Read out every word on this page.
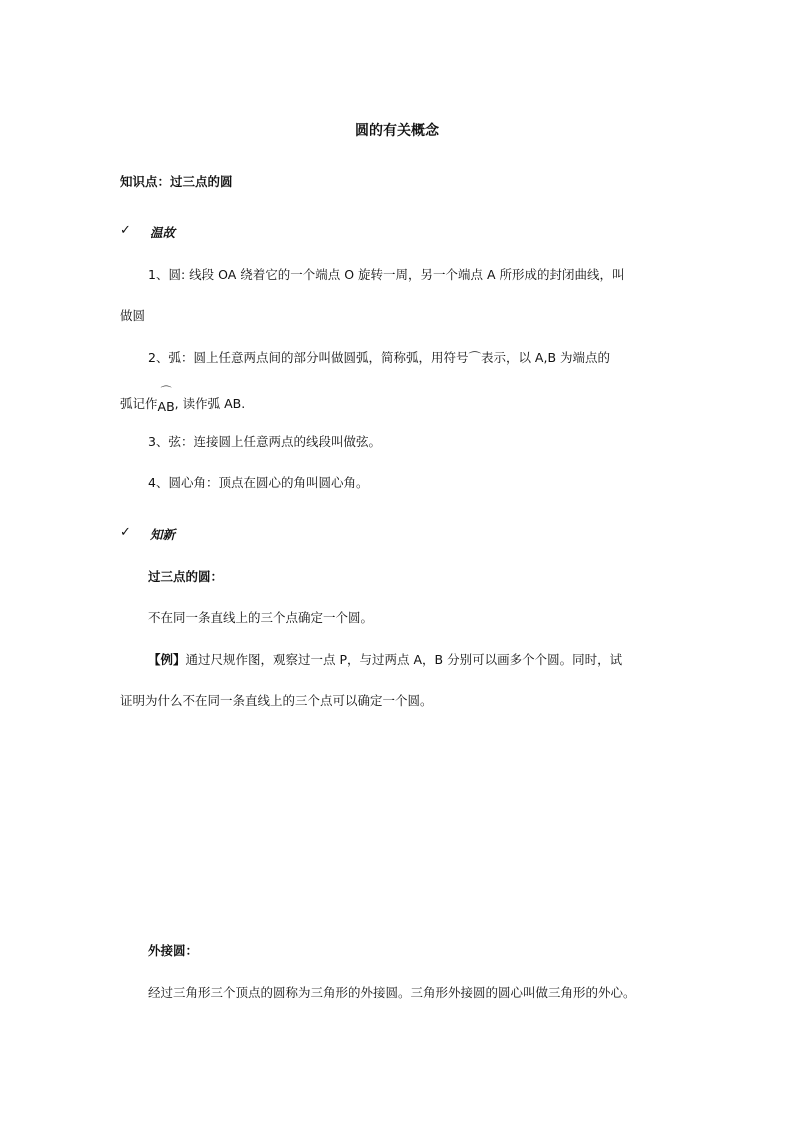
圆的有关概念
知识点：过三点的圆
✓ 温故
1、圆: 线段 OA 绕着它的一个端点 O 旋转一周，另一个端点 A 所形成的封闭曲线，叫
做圆
2、弧：圆上任意两点间的部分叫做圆弧，简称弧，用符号⌒表示，以 A,B 为端点的
弧记作
⌒
AB, 读作弧 AB.
3、弦：连接圆上任意两点的线段叫做弦。
4、圆心角：顶点在圆心的角叫圆心角。
✓ 知新
过三点的圆：
不在同一条直线上的三个点确定一个圆。
【例】通过尺规作图，观察过一点 P，与过两点 A，B 分别可以画多个个圆。同时，试
证明为什么不在同一条直线上的三个点可以确定一个圆。
外接圆：
经过三角形三个顶点的圆称为三角形的外接圆。三角形外接圆的圆心叫做三角形的外心。
